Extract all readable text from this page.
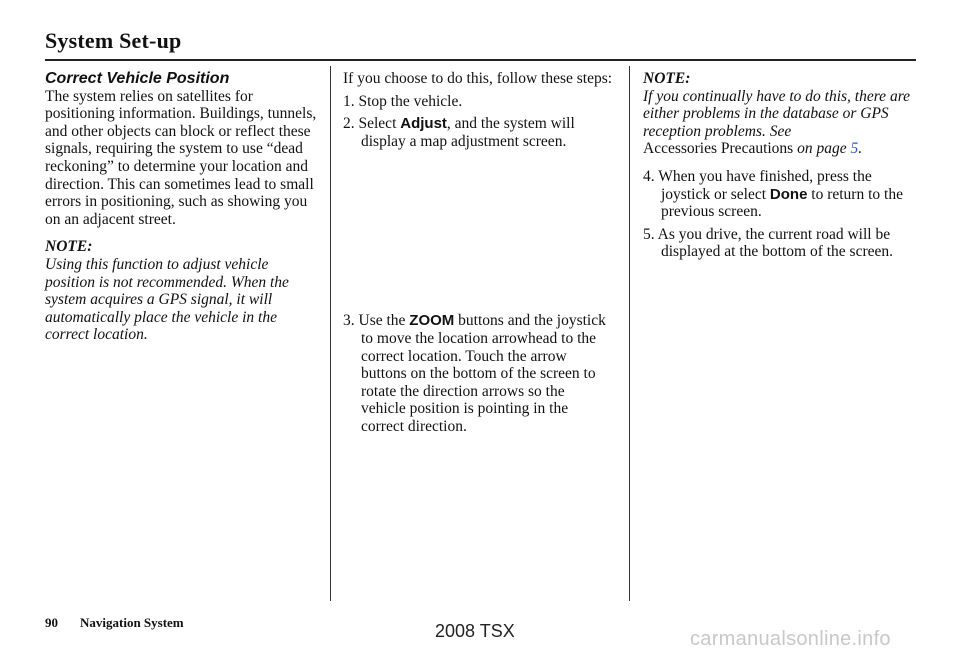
System Set-up

Correct Vehicle Position

The system relies on satellites for positioning information. Buildings, tunnels, and other objects can block or reflect these signals, requiring the system to use “dead reckoning” to determine your location and direction. This can sometimes lead to small errors in positioning, such as showing you on an adjacent street.

NOTE:

Using this function to adjust vehicle position is not recommended. When the system acquires a GPS signal, it will automatically place the vehicle in the correct location.

If you choose to do this, follow these steps:

1. Stop the vehicle.

2. Select Adjust, and the system will display a map adjustment screen.

3. Use the ZOOM buttons and the joystick to move the location arrowhead to the correct location. Touch the arrow buttons on the bottom of the screen to rotate the direction arrows so the vehicle position is pointing in the correct direction.

NOTE:

If you continually have to do this, there are either problems in the database or GPS reception problems. See
Accessories Precautions on page 5.

4. When you have finished, press the joystick or select Done to return to the previous screen.

5. As you drive, the current road will be displayed at the bottom of the screen.

90 Navigation System	2008 TSX	carmanualsonline.info
